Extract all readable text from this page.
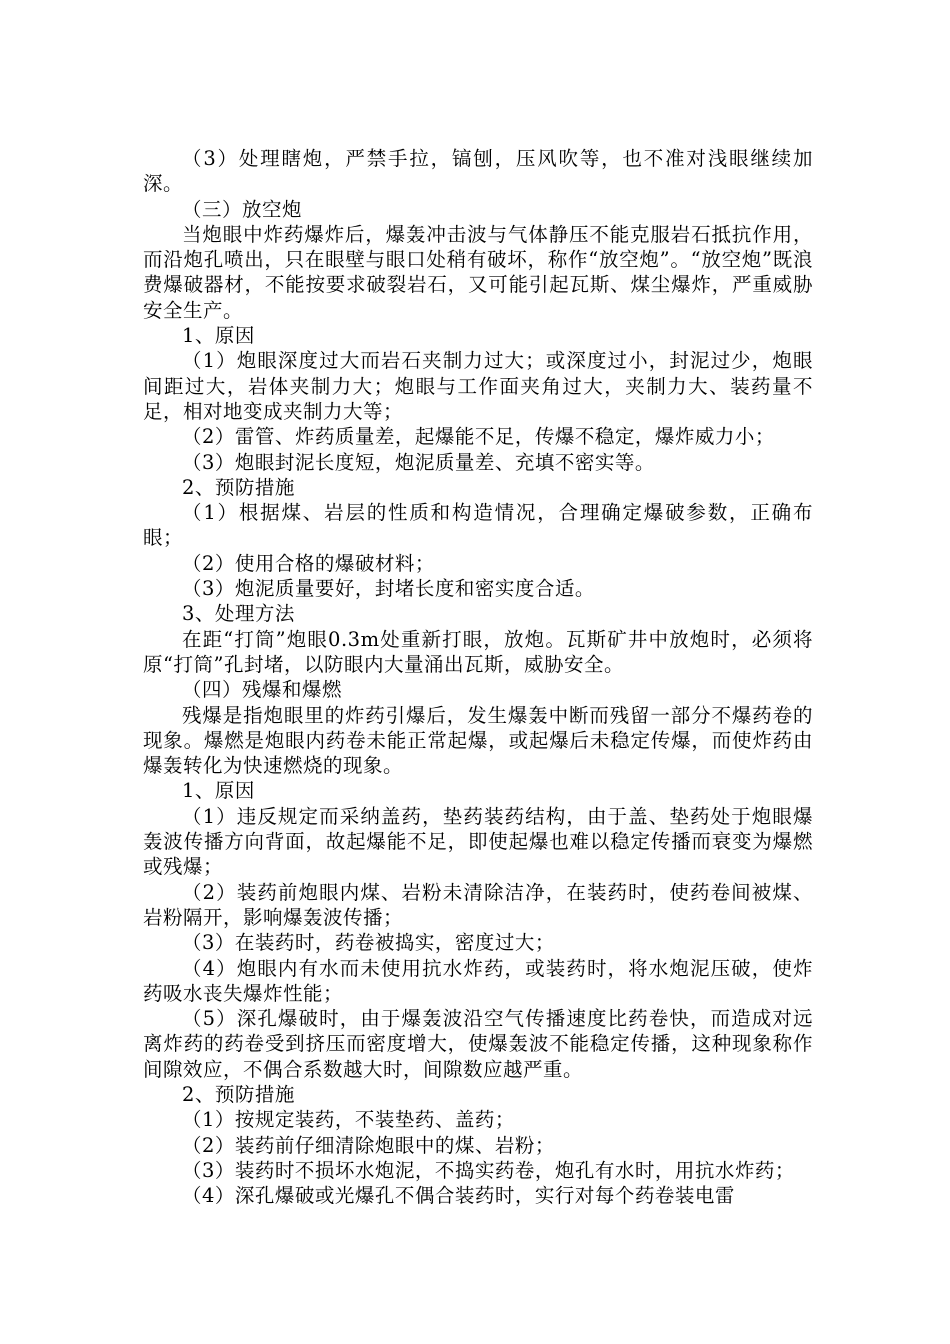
（3）处理瞎炮，严禁手拉，镐刨，压风吹等，也不准对浅眼继续加深。

（三）放空炮

当炮眼中炸药爆炸后，爆轰冲击波与气体静压不能克服岩石抵抗作用，而沿炮孔喷出，只在眼壁与眼口处稍有破坏，称作“放空炮”。“放空炮”既浪费爆破器材，不能按要求破裂岩石，又可能引起瓦斯、煤尘爆炸，严重威胁安全生产。

1、原因

（1）炮眼深度过大而岩石夹制力过大；或深度过小，封泥过少，炮眼间距过大，岩体夹制力大；炮眼与工作面夹角过大，夹制力大、装药量不足，相对地变成夹制力大等；

（2）雷管、炸药质量差，起爆能不足，传爆不稳定，爆炸威力小；

（3）炮眼封泥长度短，炮泥质量差、充填不密实等。

2、预防措施

（1）根据煤、岩层的性质和构造情况，合理确定爆破参数，正确布眼；

（2）使用合格的爆破材料；

（3）炮泥质量要好，封堵长度和密实度合适。

3、处理方法

在距“打筒”炮眼0.3m处重新打眼，放炮。瓦斯矿井中放炮时，必须将原“打筒”孔封堵，以防眼内大量涌出瓦斯，威胁安全。

（四）残爆和爆燃

残爆是指炮眼里的炸药引爆后，发生爆轰中断而残留一部分不爆药卷的现象。爆燃是炮眼内药卷未能正常起爆，或起爆后未稳定传爆，而使炸药由爆轰转化为快速燃烧的现象。

1、原因

（1）违反规定而采纳盖药，垫药装药结构，由于盖、垫药处于炮眼爆轰波传播方向背面，故起爆能不足，即使起爆也难以稳定传播而衰变为爆燃或残爆；

（2）装药前炮眼内煤、岩粉未清除洁净，在装药时，使药卷间被煤、岩粉隔开，影响爆轰波传播；

（3）在装药时，药卷被捣实，密度过大；

（4）炮眼内有水而未使用抗水炸药，或装药时，将水炮泥压破，使炸药吸水丧失爆炸性能；

（5）深孔爆破时，由于爆轰波沿空气传播速度比药卷快，而造成对远离炸药的药卷受到挤压而密度增大，使爆轰波不能稳定传播，这种现象称作间隙效应，不偶合系数越大时，间隙数应越严重。

2、预防措施

（1）按规定装药，不装垫药、盖药；

（2）装药前仔细清除炮眼中的煤、岩粉；

（3）装药时不损坏水炮泥，不捣实药卷，炮孔有水时，用抗水炸药；

（4）深孔爆破或光爆孔不偶合装药时，实行对每个药卷装电雷
